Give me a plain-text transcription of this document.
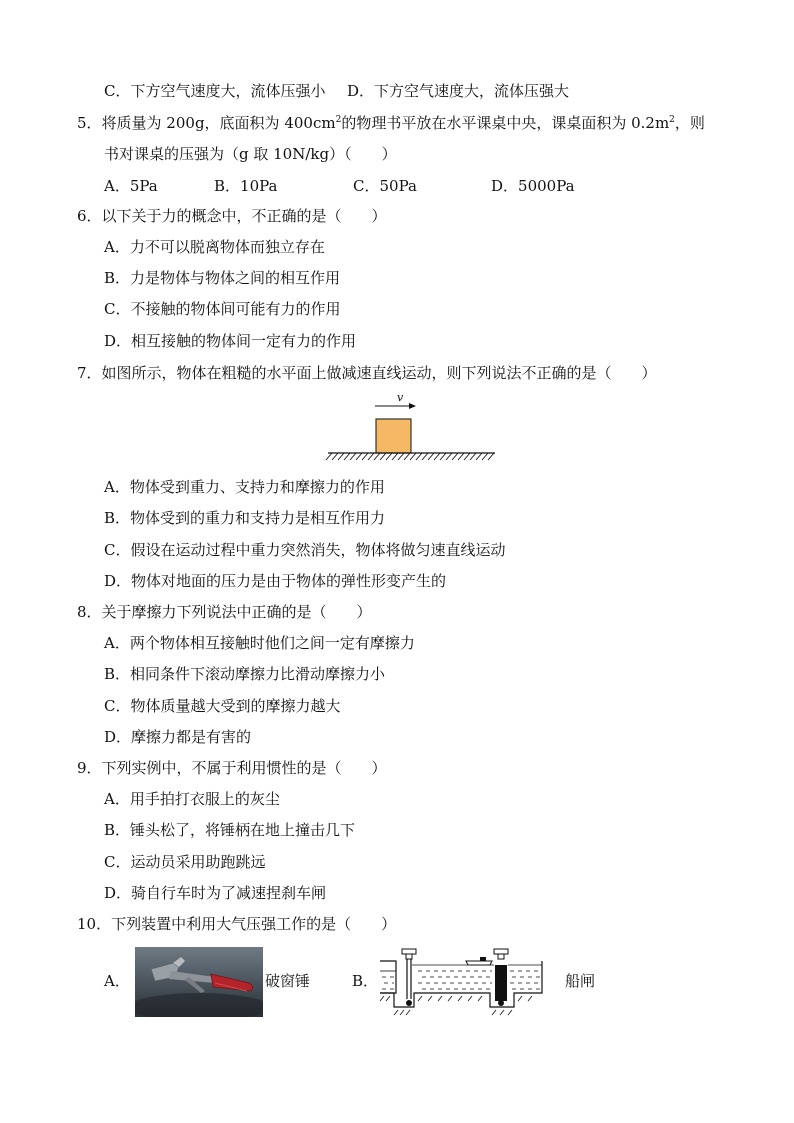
C．下方空气速度大，流体压强小 D．下方空气速度大，流体压强大
5．将质量为 200g，底面积为 $400cm^2$的物理书平放在水平课桌中央，课桌面积为 $0.2m^2$，则
书对课桌的压强为（g 取 10N/kg）（　　）
A．5Pa	B．10Pa	C．50Pa	D．5000Pa
6．以下关于力的概念中，不正确的是（　　）
A．力不可以脱离物体而独立存在
B．力是物体与物体之间的相互作用
C．不接触的物体间可能有力的作用
D．相互接触的物体间一定有力的作用
7．如图所示，物体在粗糙的水平面上做减速直线运动，则下列说法不正确的是（　　）
v
A．物体受到重力、支持力和摩擦力的作用
B．物体受到的重力和支持力是相互作用力
C．假设在运动过程中重力突然消失，物体将做匀速直线运动
D．物体对地面的压力是由于物体的弹性形变产生的
8．关于摩擦力下列说法中正确的是（　　）
A．两个物体相互接触时他们之间一定有摩擦力
B．相同条件下滚动摩擦力比滑动摩擦力小
C．物体质量越大受到的摩擦力越大
D．摩擦力都是有害的
9．下列实例中，不属于利用惯性的是（　　）
A．用手拍打衣服上的灰尘
B．锤头松了，将锤柄在地上撞击几下
C．运动员采用助跑跳远
D．骑自行车时为了减速捏刹车闸
10．下列装置中利用大气压强工作的是（　　）
A．	破窗锤	B．	船闸
